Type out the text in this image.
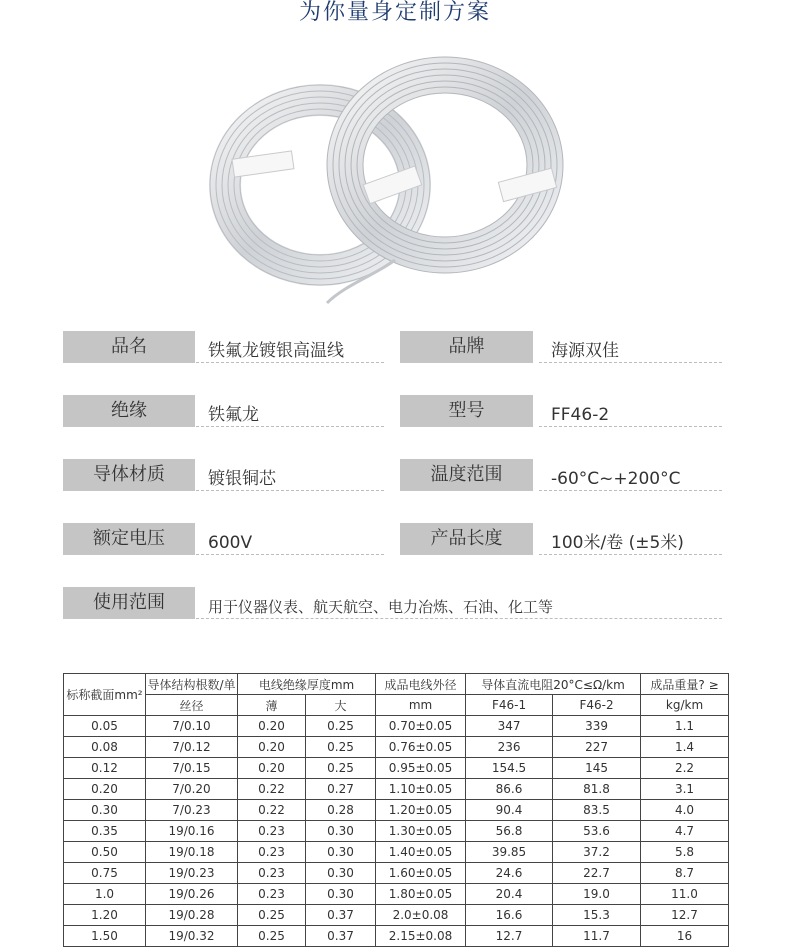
为你量身定制方案
品名	铁氟龙镀银高温线	品牌	海源双佳
绝缘	铁氟龙	型号	FF46-2
导体材质	镀银铜芯	温度范围	-60°C~+200°C
额定电压	600V	产品长度	100米/卷 (±5米)
使用范围	用于仪器仪表、航天航空、电力冶炼、石油、化工等
标称截面mm²	导体结构根数/单	电线绝缘厚度mm		成品电线外径	导体直流电阻20°C≤Ω/km		成品重量? ≥
	丝径	薄	大	mm	F46-1	F46-2	kg/km
0.05	7/0.10	0.20	0.25	0.70±0.05	347	339	1.1
0.08	7/0.12	0.20	0.25	0.76±0.05	236	227	1.4
0.12	7/0.15	0.20	0.25	0.95±0.05	154.5	145	2.2
0.20	7/0.20	0.22	0.27	1.10±0.05	86.6	81.8	3.1
0.30	7/0.23	0.22	0.28	1.20±0.05	90.4	83.5	4.0
0.35	19/0.16	0.23	0.30	1.30±0.05	56.8	53.6	4.7
0.50	19/0.18	0.23	0.30	1.40±0.05	39.85	37.2	5.8
0.75	19/0.23	0.23	0.30	1.60±0.05	24.6	22.7	8.7
1.0	19/0.26	0.23	0.30	1.80±0.05	20.4	19.0	11.0
1.20	19/0.28	0.25	0.37	2.0±0.08	16.6	15.3	12.7
1.50	19/0.32	0.25	0.37	2.15±0.08	12.7	11.7	16
